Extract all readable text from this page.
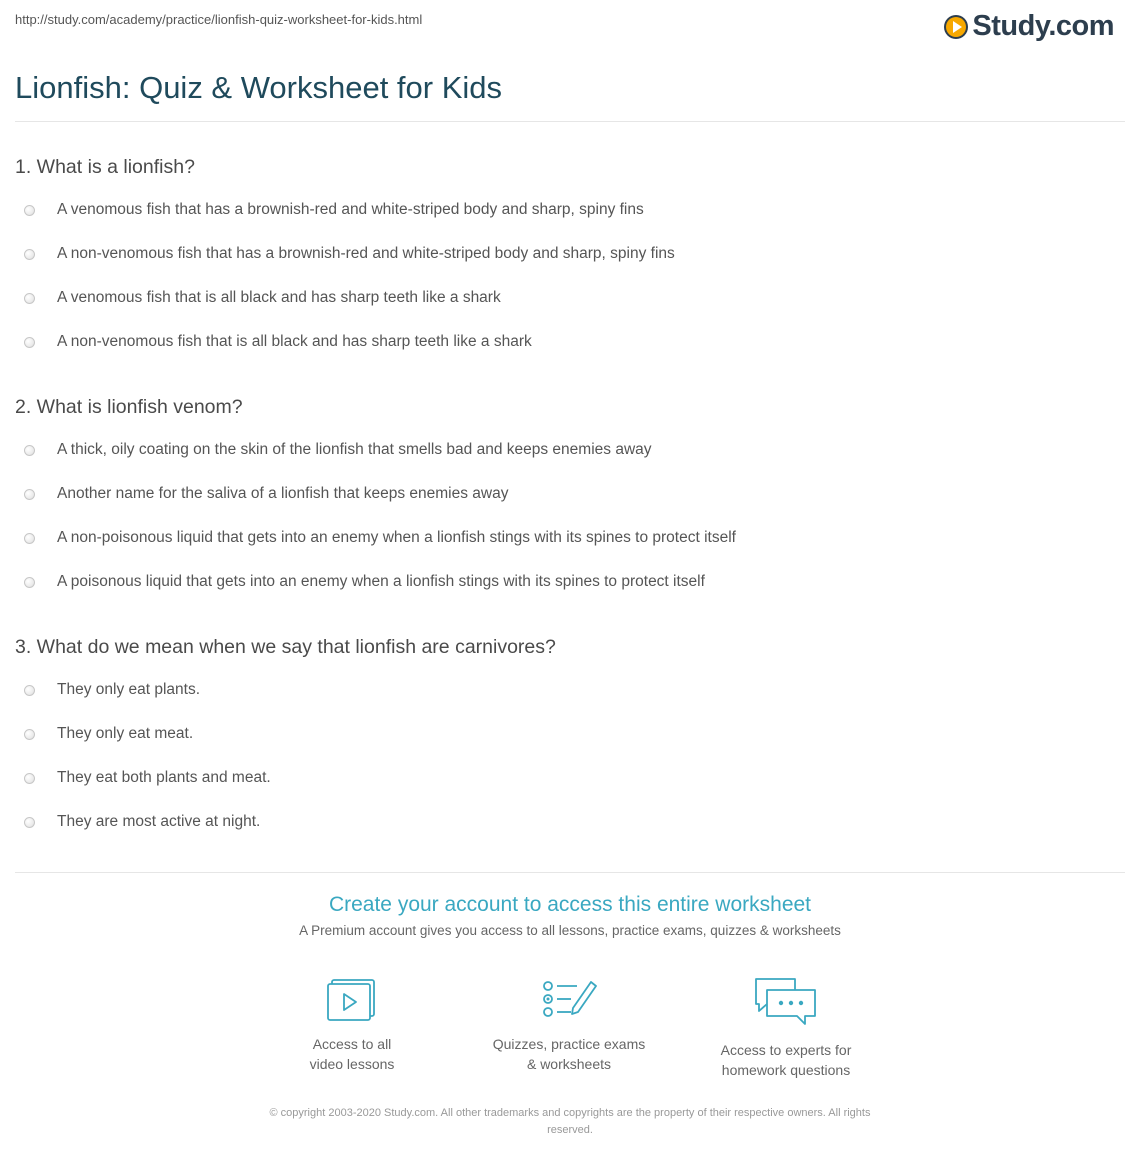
http://study.com/academy/practice/lionfish-quiz-worksheet-for-kids.html	Study.com
Lionfish: Quiz & Worksheet for Kids
1. What is a lionfish?
A venomous fish that has a brownish-red and white-striped body and sharp, spiny fins
A non-venomous fish that has a brownish-red and white-striped body and sharp, spiny fins
A venomous fish that is all black and has sharp teeth like a shark
A non-venomous fish that is all black and has sharp teeth like a shark
2. What is lionfish venom?
A thick, oily coating on the skin of the lionfish that smells bad and keeps enemies away
Another name for the saliva of a lionfish that keeps enemies away
A non-poisonous liquid that gets into an enemy when a lionfish stings with its spines to protect itself
A poisonous liquid that gets into an enemy when a lionfish stings with its spines to protect itself
3. What do we mean when we say that lionfish are carnivores?
They only eat plants.
They only eat meat.
They eat both plants and meat.
They are most active at night.
Create your account to access this entire worksheet
A Premium account gives you access to all lessons, practice exams, quizzes & worksheets
Access to all
video lessons
Quizzes, practice exams
& worksheets
Access to experts for
homework questions
© copyright 2003-2020 Study.com. All other trademarks and copyrights are the property of their respective owners. All rights
reserved.
